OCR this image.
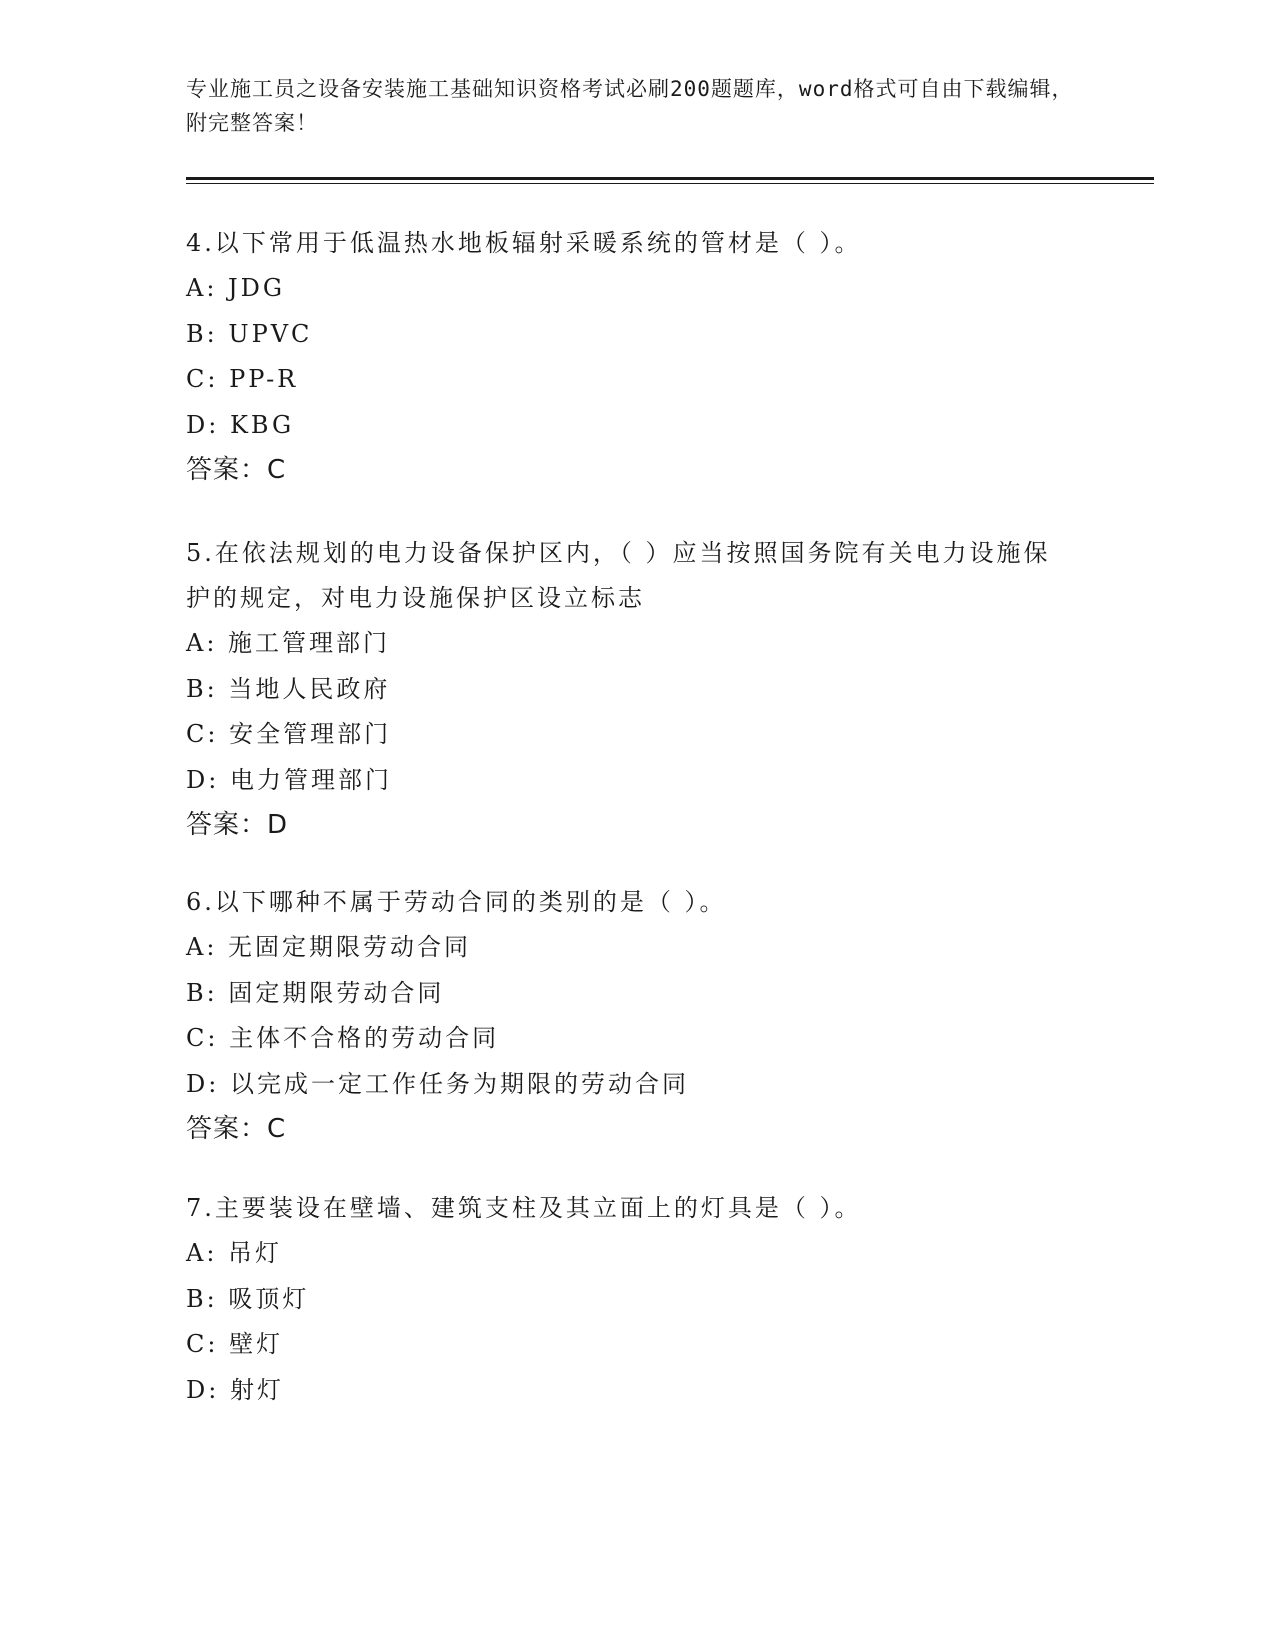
专业施工员之设备安装施工基础知识资格考试必刷200题题库，word格式可自由下载编辑，附完整答案！
4.以下常用于低温热水地板辐射采暖系统的管材是（ ）。
A: JDG
B: UPVC
C: PP-R
D: KBG
答案：C
5.在依法规划的电力设备保护区内，（ ）应当按照国务院有关电力设施保护的规定，对电力设施保护区设立标志
A: 施工管理部门
B: 当地人民政府
C: 安全管理部门
D: 电力管理部门
答案：D
6.以下哪种不属于劳动合同的类别的是（ ）。
A: 无固定期限劳动合同
B: 固定期限劳动合同
C: 主体不合格的劳动合同
D: 以完成一定工作任务为期限的劳动合同
答案：C
7.主要装设在壁墙、建筑支柱及其立面上的灯具是（ ）。
A: 吊灯
B: 吸顶灯
C: 壁灯
D: 射灯
